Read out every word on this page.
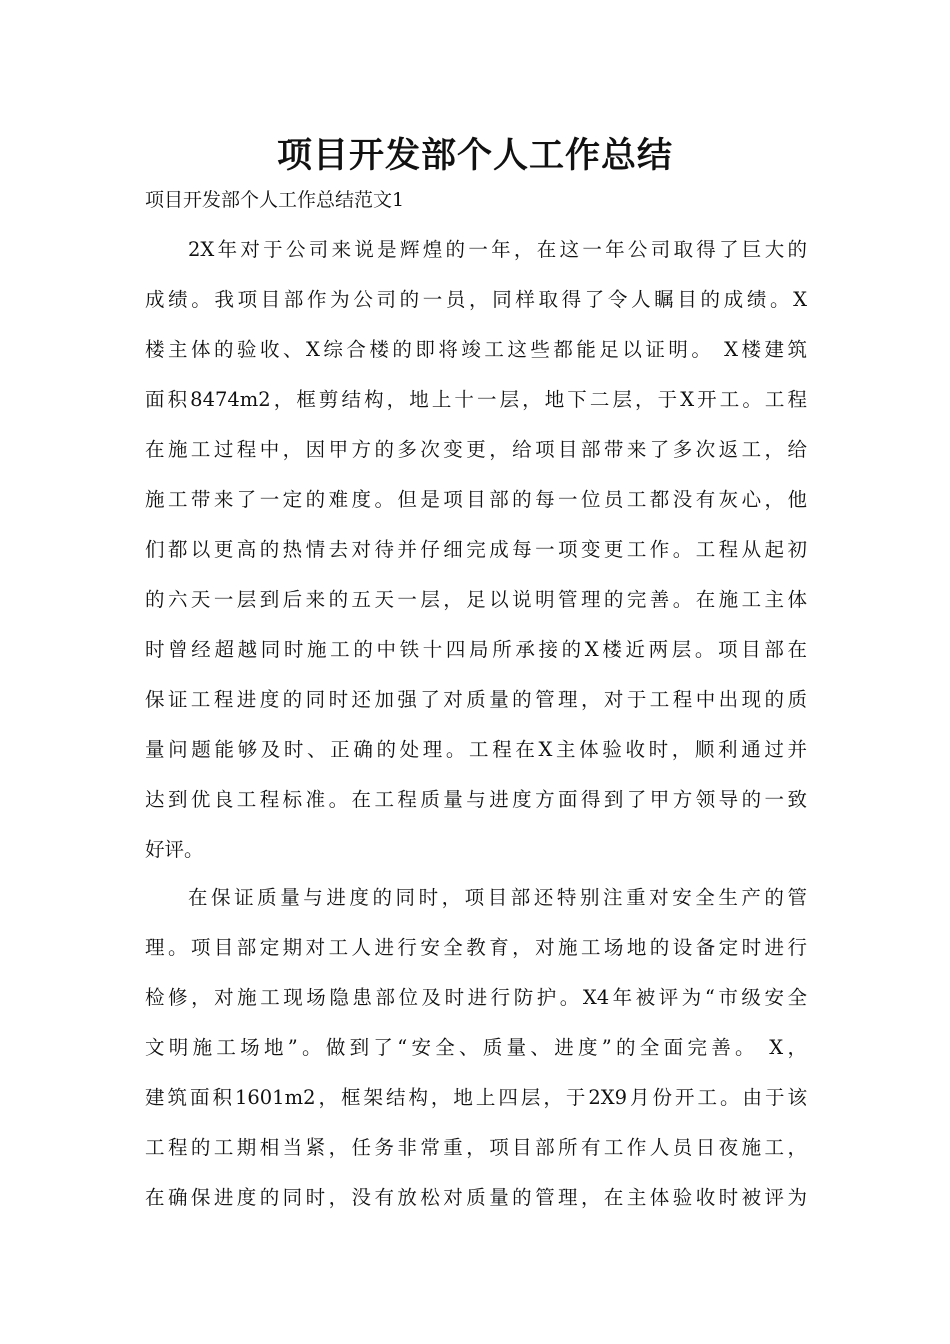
项目开发部个人工作总结
项目开发部个人工作总结范文1
2X年对于公司来说是辉煌的一年，在这一年公司取得了巨大的
成绩。我项目部作为公司的一员，同样取得了令人瞩目的成绩。X
楼主体的验收、X综合楼的即将竣工这些都能足以证明。 X楼建筑
面积8474m2，框剪结构，地上十一层，地下二层，于X开工。工程
在施工过程中，因甲方的多次变更，给项目部带来了多次返工，给
施工带来了一定的难度。但是项目部的每一位员工都没有灰心，他
们都以更高的热情去对待并仔细完成每一项变更工作。工程从起初
的六天一层到后来的五天一层，足以说明管理的完善。在施工主体
时曾经超越同时施工的中铁十四局所承接的X楼近两层。项目部在
保证工程进度的同时还加强了对质量的管理，对于工程中出现的质
量问题能够及时、正确的处理。工程在X主体验收时，顺利通过并
达到优良工程标准。在工程质量与进度方面得到了甲方领导的一致
好评。
在保证质量与进度的同时，项目部还特别注重对安全生产的管
理。项目部定期对工人进行安全教育，对施工场地的设备定时进行
检修，对施工现场隐患部位及时进行防护。X4年被评为“市级安全
文明施工场地”。做到了“安全、质量、进度”的全面完善。 X，
建筑面积1601m2，框架结构，地上四层，于2X9月份开工。由于该
工程的工期相当紧，任务非常重，项目部所有工作人员日夜施工，
在确保进度的同时，没有放松对质量的管理，在主体验收时被评为
